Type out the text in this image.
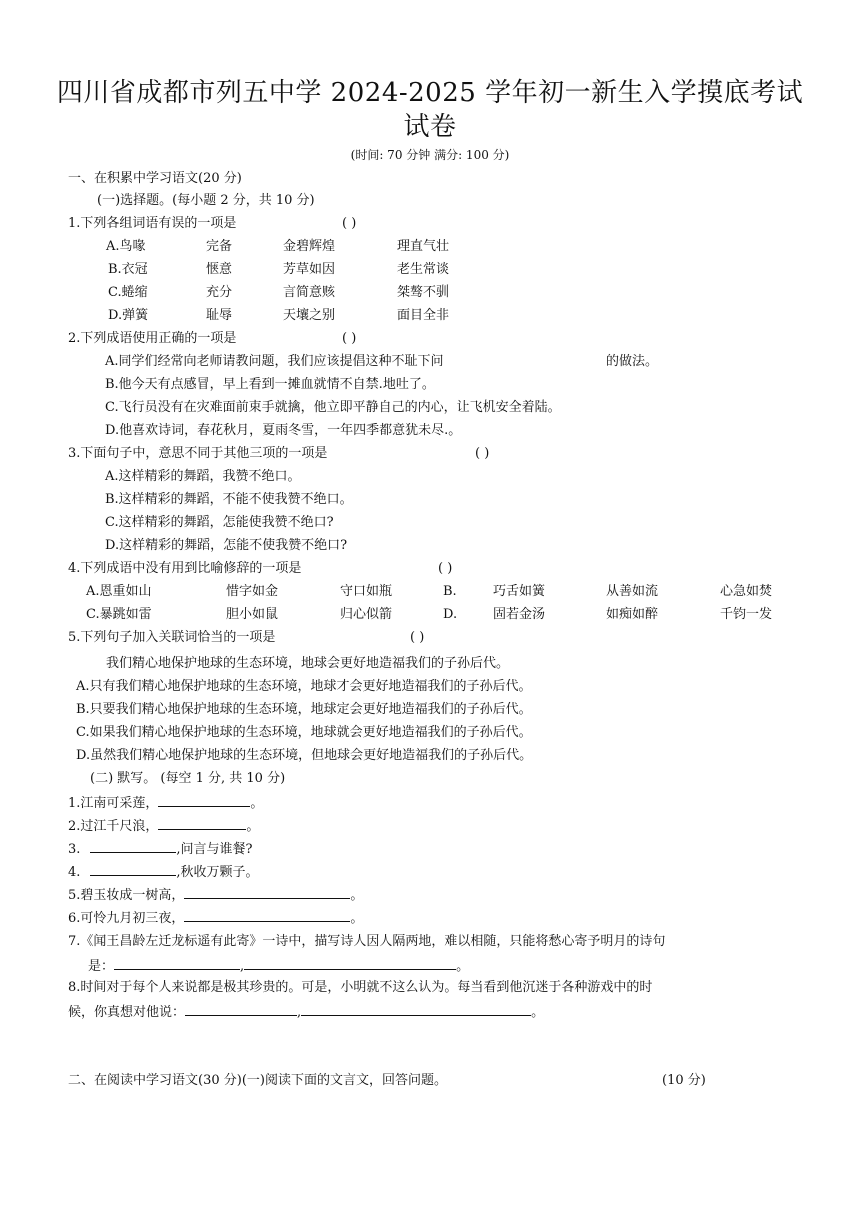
四川省成都市列五中学 2024-2025 学年初一新生入学摸底考试
试卷
(时间: 70 分钟 满分: 100 分)
一、在积累中学习语文(20 分)
(一)选择题。(每小题 2 分，共 10 分)
1.下列各组词语有误的一项是	( )
A.鸟喙	完备	金碧辉煌	理直气壮
B.衣冠	惬意	芳草如因	老生常谈
C.蜷缩	充分	言简意赅	桀骜不驯
D.弹簧	耻辱	天壤之别	面目全非
2.下列成语使用正确的一项是	( )
A.同学们经常向老师请教问题，我们应该提倡这种不耻下问	的做法。
B.他今天有点感冒，早上看到一摊血就情不自禁.地吐了。
C.飞行员没有在灾难面前束手就擒，他立即平静自己的内心，让飞机安全着陆。
D.他喜欢诗词，春花秋月，夏雨冬雪，一年四季都意犹未尽.。
3.下面句子中，意思不同于其他三项的一项是	( )
A.这样精彩的舞蹈，我赞不绝口。
B.这样精彩的舞蹈，不能不使我赞不绝口。
C.这样精彩的舞蹈，怎能使我赞不绝口?
D.这样精彩的舞蹈，怎能不使我赞不绝口?
4.下列成语中没有用到比喻修辞的一项是	( )
A.恩重如山	惜字如金	守口如瓶	B.	巧舌如簧	从善如流	心急如焚
C.暴跳如雷	胆小如鼠	归心似箭	D.	固若金汤	如痴如醉	千钧一发
5.下列句子加入关联词恰当的一项是	( )
我们精心地保护地球的生态环境，地球会更好地造福我们的子孙后代。
A.只有我们精心地保护地球的生态环境，地球才会更好地造福我们的子孙后代。
B.只要我们精心地保护地球的生态环境，地球定会更好地造福我们的子孙后代。
C.如果我们精心地保护地球的生态环境，地球就会更好地造福我们的子孙后代。
D.虽然我们精心地保护地球的生态环境，但地球会更好地造福我们的子孙后代。
(二) 默写。 (每空 1 分, 共 10 分)
1.江南可采莲，	。
2.过江千尺浪，	。
3.	,问言与谁餐?
4.	,秋收万颗子。
5.碧玉妆成一树高，	。
6.可怜九月初三夜，	。
7.《闻王昌龄左迁龙标遥有此寄》一诗中，描写诗人因人隔两地，难以相随，只能将愁心寄予明月的诗句
是：	,	。
8.时间对于每个人来说都是极其珍贵的。可是，小明就不这么认为。每当看到他沉迷于各种游戏中的时
候，你真想对他说：	,	。
二、在阅读中学习语文(30 分)(一)阅读下面的文言文，回答问题。	(10 分)
